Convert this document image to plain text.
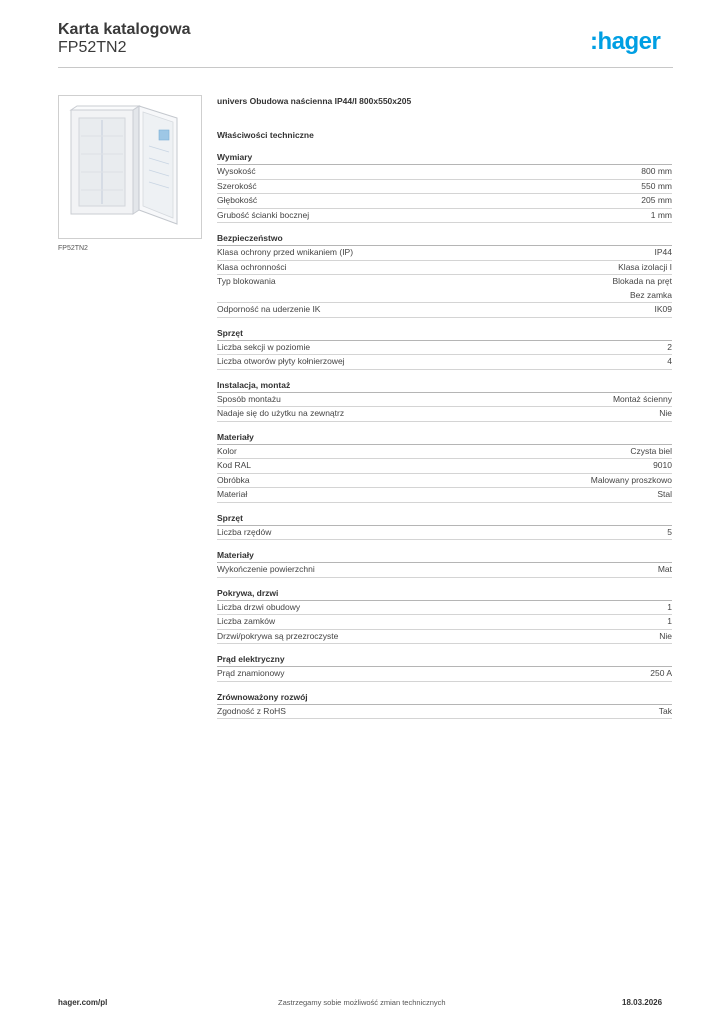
Karta katalogowa
FP52TN2	:hager
FP52TN2
univers Obudowa naścienna IP44/I 800x550x205
Właściwości techniczne
Wymiary
Wysokość	800 mm
Szerokość	550 mm
Głębokość	205 mm
Grubość ścianki bocznej	1 mm
Bezpieczeństwo
Klasa ochrony przed wnikaniem (IP)	IP44
Klasa ochronności	Klasa izolacji I
Typ blokowania	Blokada na pręt
Bez zamka
Odporność na uderzenie IK	IK09
Sprzęt
Liczba sekcji w poziomie	2
Liczba otworów płyty kołnierzowej	4
Instalacja, montaż
Sposób montażu	Montaż ścienny
Nadaje się do użytku na zewnątrz	Nie
Materiały
Kolor	Czysta biel
Kod RAL	9010
Obróbka	Malowany proszkowo
Materiał	Stal
Sprzęt
Liczba rzędów	5
Materiały
Wykończenie powierzchni	Mat
Pokrywa, drzwi
Liczba drzwi obudowy	1
Liczba zamków	1
Drzwi/pokrywa są przezroczyste	Nie
Prąd elektryczny
Prąd znamionowy	250 A
Zrównoważony rozwój
Zgodność z RoHS	Tak
hager.com/pl	Zastrzegamy sobie możliwość zmian technicznych	18.03.2026
